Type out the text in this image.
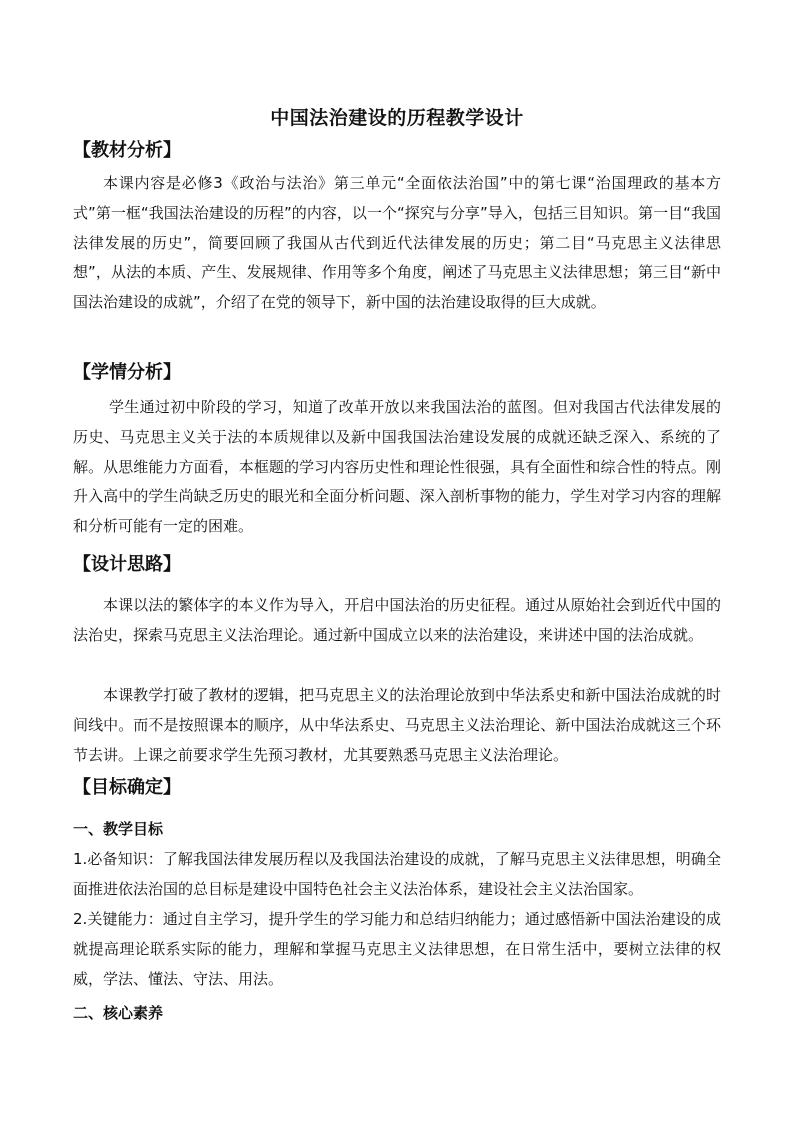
中国法治建设的历程教学设计
【教材分析】
本课内容是必修3《政治与法治》第三单元“全面依法治国”中的第七课“治国理政的基本方式”第一框“我国法治建设的历程”的内容，以一个“探究与分享”导入，包括三目知识。第一目“我国法律发展的历史”，简要回顾了我国从古代到近代法律发展的历史；第二目“马克思主义法律思想”，从法的本质、产生、发展规律、作用等多个角度，阐述了马克思主义法律思想；第三目“新中国法治建设的成就”，介绍了在党的领导下，新中国的法治建设取得的巨大成就。
【学情分析】
学生通过初中阶段的学习，知道了改革开放以来我国法治的蓝图。但对我国古代法律发展的历史、马克思主义关于法的本质规律以及新中国我国法治建设发展的成就还缺乏深入、系统的了解。从思维能力方面看，本框题的学习内容历史性和理论性很强，具有全面性和综合性的特点。刚升入高中的学生尚缺乏历史的眼光和全面分析问题、深入剖析事物的能力，学生对学习内容的理解和分析可能有一定的困难。
【设计思路】
本课以法的繁体字的本义作为导入，开启中国法治的历史征程。通过从原始社会到近代中国的法治史，探索马克思主义法治理论。通过新中国成立以来的法治建设，来讲述中国的法治成就。
本课教学打破了教材的逻辑，把马克思主义的法治理论放到中华法系史和新中国法治成就的时间线中。而不是按照课本的顺序，从中华法系史、马克思主义法治理论、新中国法治成就这三个环节去讲。上课之前要求学生先预习教材，尤其要熟悉马克思主义法治理论。
【目标确定】
一、教学目标
1.必备知识：了解我国法律发展历程以及我国法治建设的成就，了解马克思主义法律思想，明确全面推进依法治国的总目标是建设中国特色社会主义法治体系，建设社会主义法治国家。
2.关键能力：通过自主学习，提升学生的学习能力和总结归纳能力；通过感悟新中国法治建设的成就提高理论联系实际的能力，理解和掌握马克思主义法律思想，在日常生活中，要树立法律的权威，学法、懂法、守法、用法。
二、核心素养
